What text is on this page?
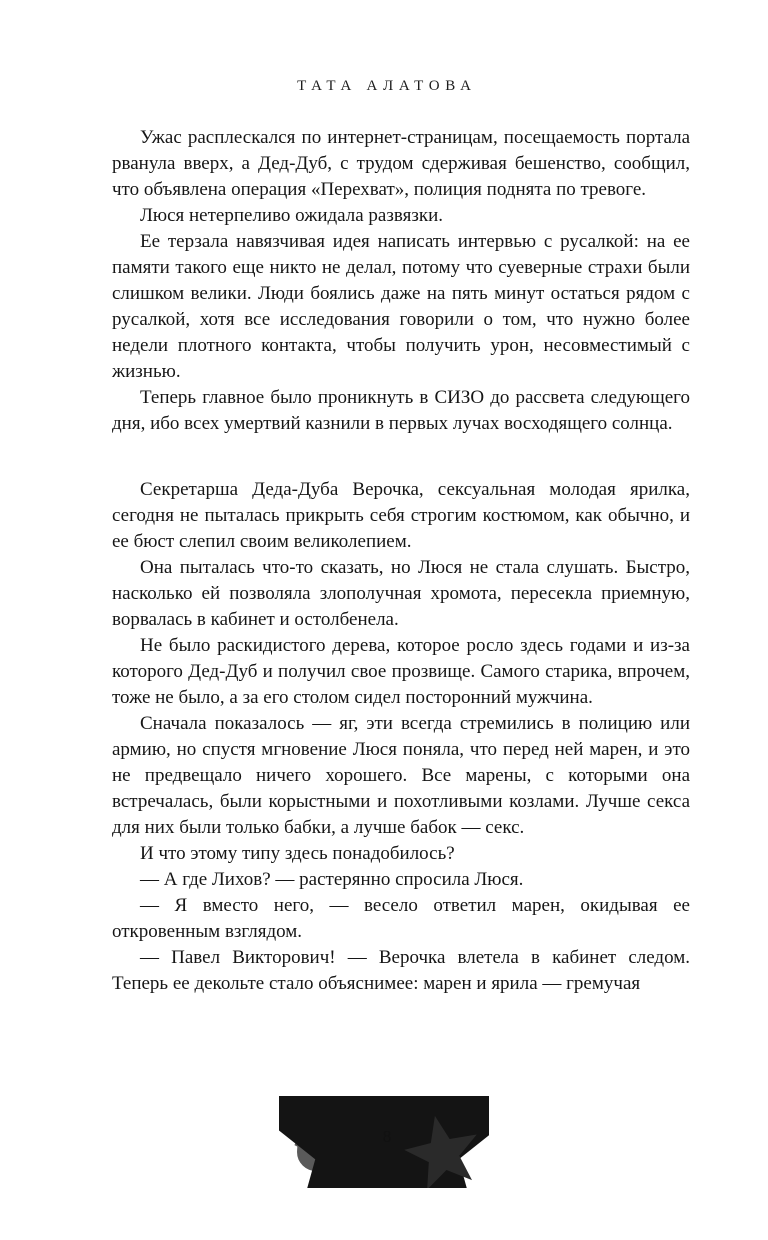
ТАТА АЛАТОВА

Ужас расплескался по интернет-страницам, посещаемость портала рванула вверх, а Дед-Дуб, с трудом сдерживая бешенство, сообщил, что объявлена операция «Перехват», полиция поднята по тревоге.

Люся нетерпеливо ожидала развязки.

Ее терзала навязчивая идея написать интервью с русалкой: на ее памяти такого еще никто не делал, потому что суеверные страхи были слишком велики. Люди боялись даже на пять минут остаться рядом с русалкой, хотя все исследования говорили о том, что нужно более недели плотного контакта, чтобы получить урон, несовместимый с жизнью.

Теперь главное было проникнуть в СИЗО до рассвета следующего дня, ибо всех умертвий казнили в первых лучах восходящего солнца.

Секретарша Деда-Дуба Верочка, сексуальная молодая ярилка, сегодня не пыталась прикрыть себя строгим костюмом, как обычно, и ее бюст слепил своим великолепием.

Она пыталась что-то сказать, но Люся не стала слушать. Быстро, насколько ей позволяла злополучная хромота, пересекла приемную, ворвалась в кабинет и остолбенела.

Не было раскидистого дерева, которое росло здесь годами и из-за которого Дед-Дуб и получил свое прозвище. Самого старика, впрочем, тоже не было, а за его столом сидел посторонний мужчина.

Сначала показалось — яг, эти всегда стремились в полицию или армию, но спустя мгновение Люся поняла, что перед ней марен, и это не предвещало ничего хорошего. Все марены, с которыми она встречалась, были корыстными и похотливыми козлами. Лучше секса для них были только бабки, а лучше бабок — секс.

И что этому типу здесь понадобилось?

— А где Лихов? — растерянно спросила Люся.

— Я вместо него, — весело ответил марен, окидывая ее откровенным взглядом.

— Павел Викторович! — Верочка влетела в кабинет следом. Теперь ее декольте стало объяснимее: марен и ярила — гремучая

8
